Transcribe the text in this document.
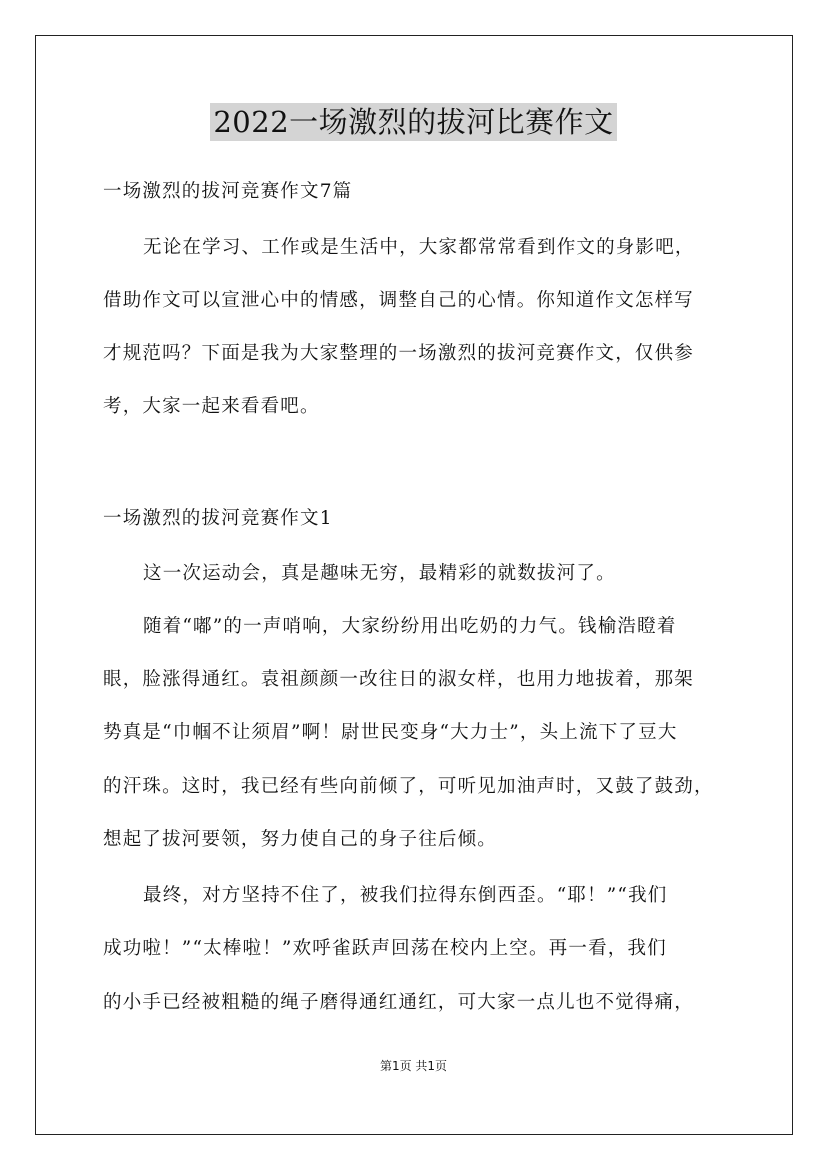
2022一场激烈的拔河比赛作文
一场激烈的拔河竞赛作文7篇
无论在学习、工作或是生活中，大家都常常看到作文的身影吧，
借助作文可以宣泄心中的情感，调整自己的心情。你知道作文怎样写
才规范吗？下面是我为大家整理的一场激烈的拔河竞赛作文，仅供参
考，大家一起来看看吧。
一场激烈的拔河竞赛作文1
这一次运动会，真是趣味无穷，最精彩的就数拔河了。
随着“嘟”的一声哨响，大家纷纷用出吃奶的力气。钱榆浩瞪着
眼，脸涨得通红。袁祖颜颜一改往日的淑女样，也用力地拔着，那架
势真是“巾帼不让须眉”啊！尉世民变身“大力士”，头上流下了豆大
的汗珠。这时，我已经有些向前倾了，可听见加油声时，又鼓了鼓劲，
想起了拔河要领，努力使自己的身子往后倾。
最终，对方坚持不住了，被我们拉得东倒西歪。“耶！”“我们
成功啦！”“太棒啦！”欢呼雀跃声回荡在校内上空。再一看，我们
的小手已经被粗糙的绳子磨得通红通红，可大家一点儿也不觉得痛，
第1页 共1页
